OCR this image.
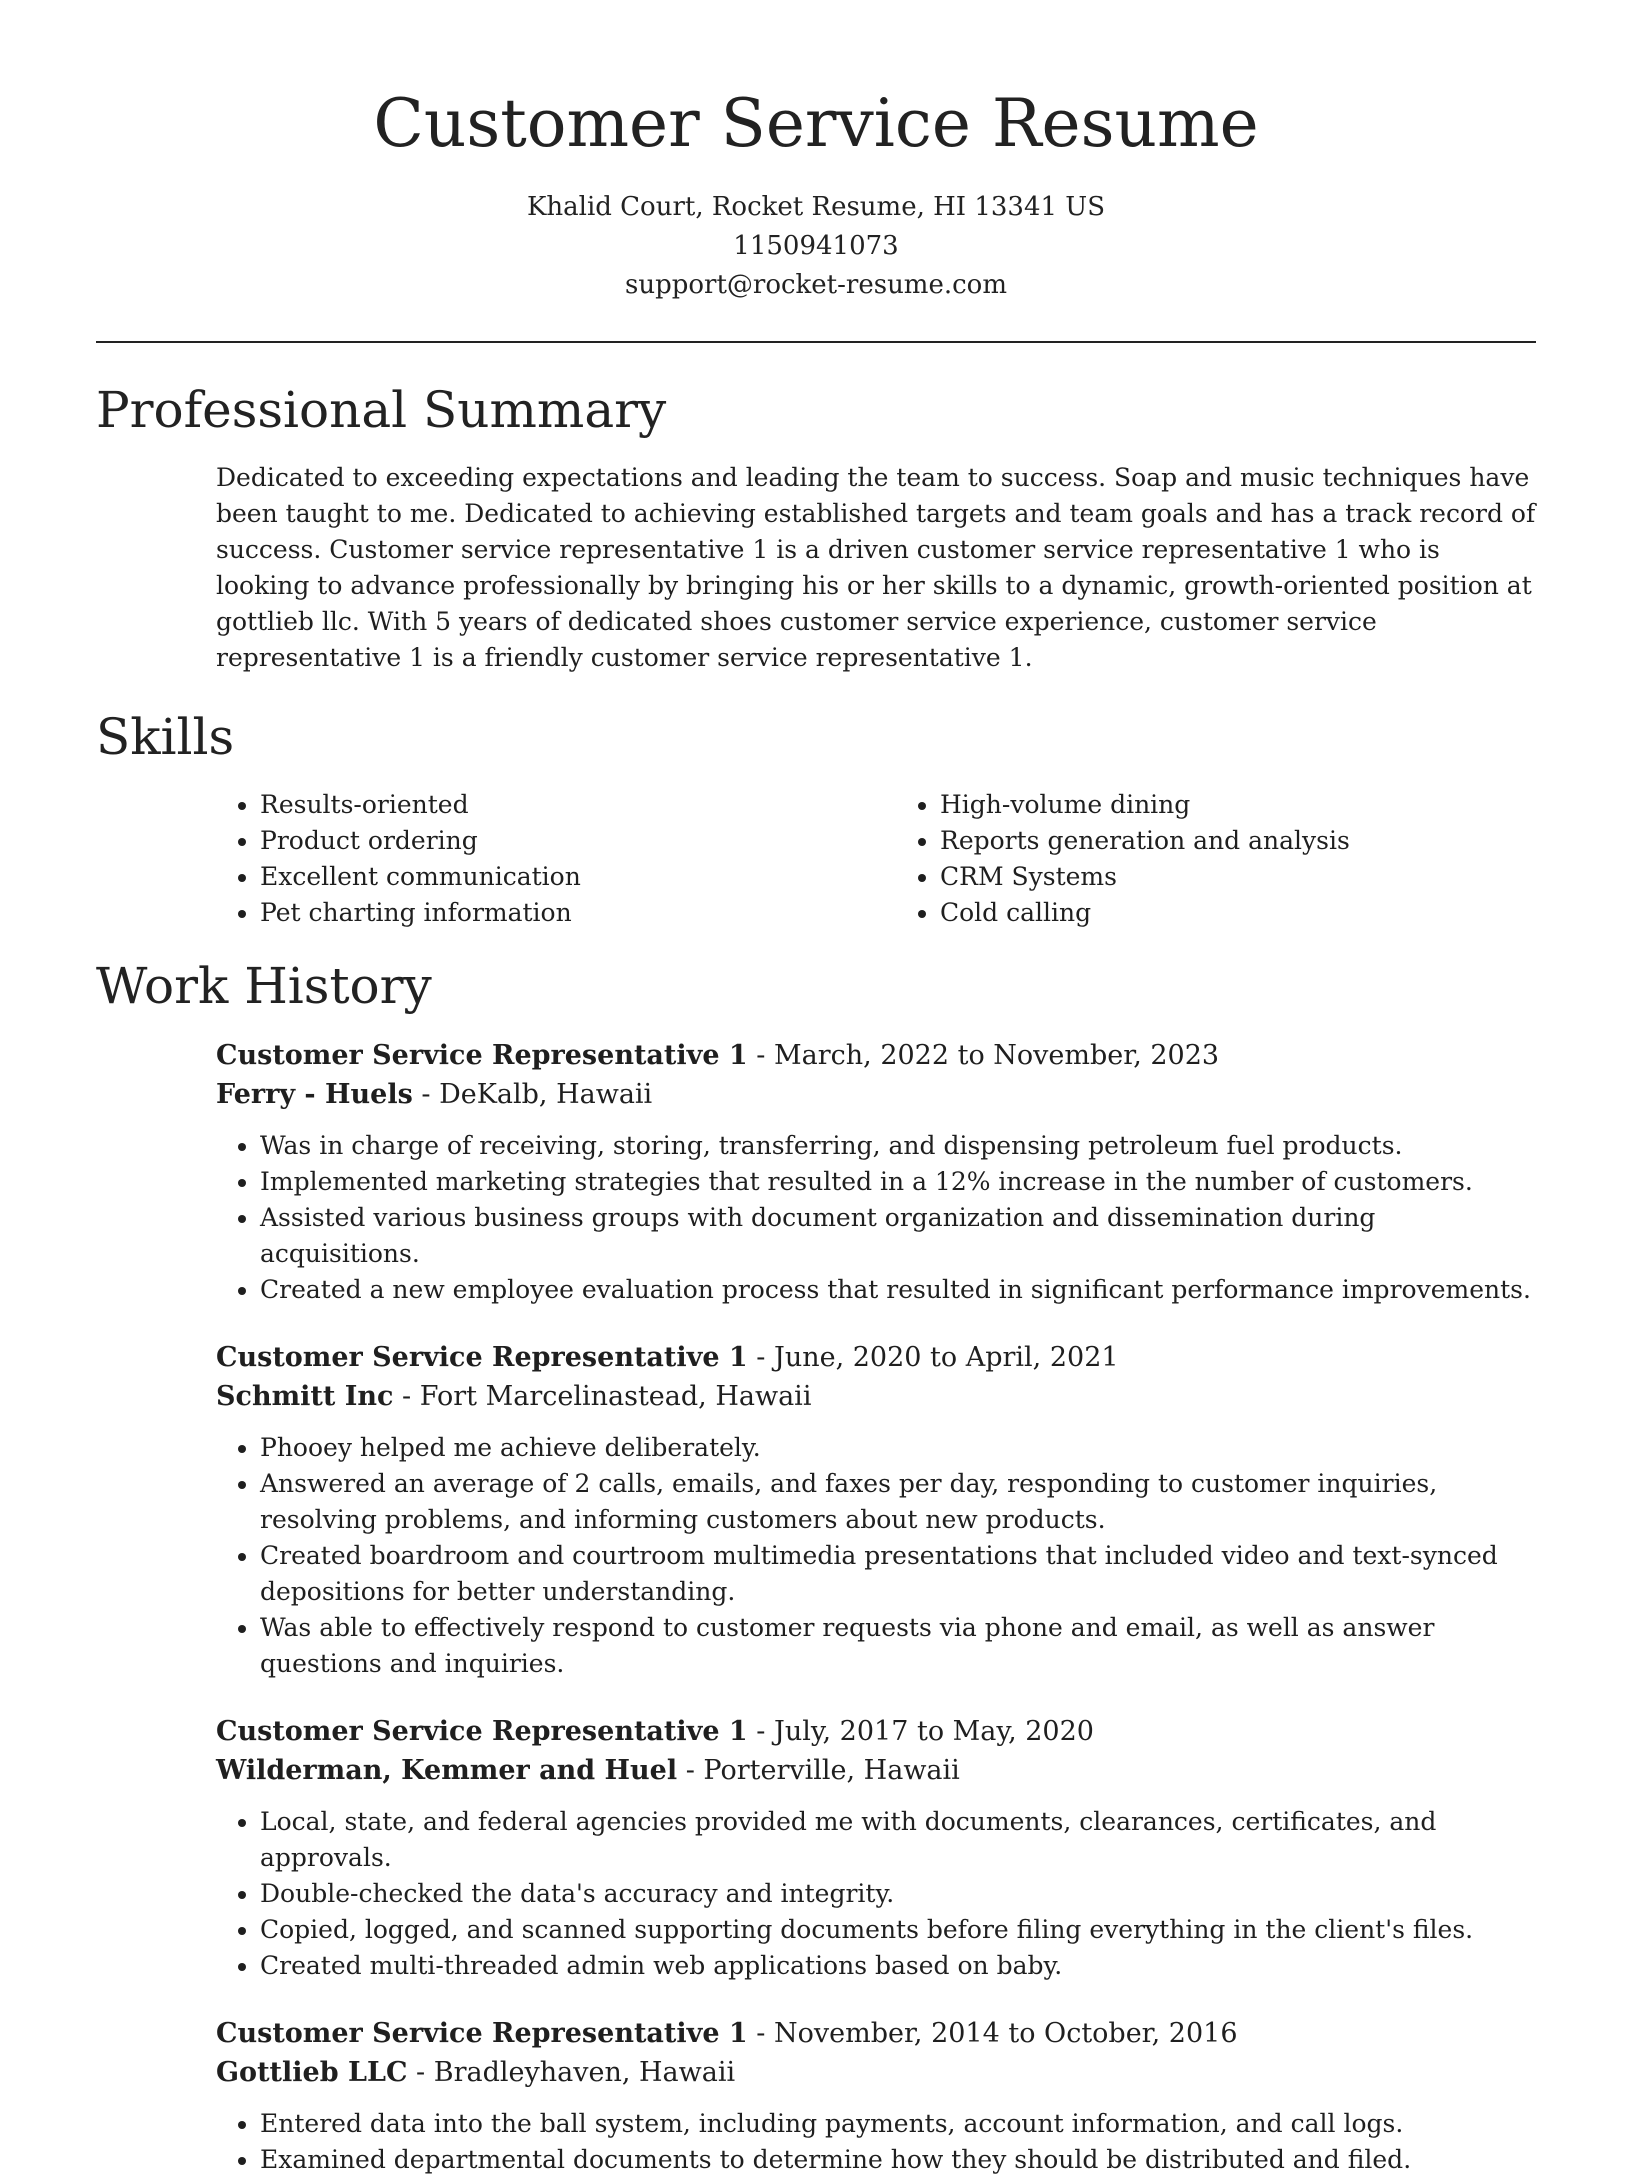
Customer Service Resume
Khalid Court, Rocket Resume, HI 13341 US
1150941073
support@rocket-resume.com
Professional Summary

Dedicated to exceeding expectations and leading the team to success. Soap and music techniques have been taught to me. Dedicated to achieving established targets and team goals and has a track record of success. Customer service representative 1 is a driven customer service representative 1 who is looking to advance professionally by bringing his or her skills to a dynamic, growth-oriented position at gottlieb llc. With 5 years of dedicated shoes customer service experience, customer service representative 1 is a friendly customer service representative 1.

Skills
• Results-oriented
• Product ordering
• Excellent communication
• Pet charting information
• High-volume dining
• Reports generation and analysis
• CRM Systems
• Cold calling
Work History
Customer Service Representative 1 - March, 2022 to November, 2023
Ferry - Huels - DeKalb, Hawaii
• Was in charge of receiving, storing, transferring, and dispensing petroleum fuel products.
• Implemented marketing strategies that resulted in a 12% increase in the number of customers.
• Assisted various business groups with document organization and dissemination during acquisitions.
• Created a new employee evaluation process that resulted in significant performance improvements.
Customer Service Representative 1 - June, 2020 to April, 2021
Schmitt Inc - Fort Marcelinastead, Hawaii
• Phooey helped me achieve deliberately.
• Answered an average of 2 calls, emails, and faxes per day, responding to customer inquiries, resolving problems, and informing customers about new products.
• Created boardroom and courtroom multimedia presentations that included video and text-synced depositions for better understanding.
• Was able to effectively respond to customer requests via phone and email, as well as answer questions and inquiries.
Customer Service Representative 1 - July, 2017 to May, 2020
Wilderman, Kemmer and Huel - Porterville, Hawaii
• Local, state, and federal agencies provided me with documents, clearances, certificates, and approvals.
• Double-checked the data's accuracy and integrity.
• Copied, logged, and scanned supporting documents before filing everything in the client's files.
• Created multi-threaded admin web applications based on baby.
Customer Service Representative 1 - November, 2014 to October, 2016
Gottlieb LLC - Bradleyhaven, Hawaii
• Entered data into the ball system, including payments, account information, and call logs.
• Examined departmental documents to determine how they should be distributed and filed.
